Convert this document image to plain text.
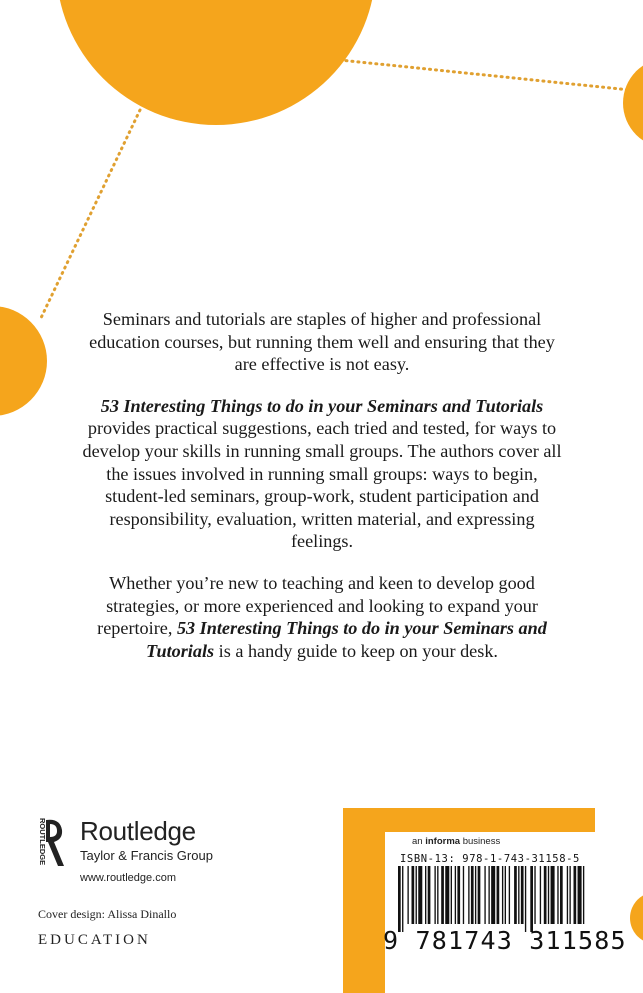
Seminars and tutorials are staples of higher and professional education courses, but running them well and ensuring that they are effective is not easy.

53 Interesting Things to do in your Seminars and Tutorials provides practical suggestions, each tried and tested, for ways to develop your skills in running small groups. The authors cover all the issues involved in running small groups: ways to begin, student-led seminars, group-work, student participation and responsibility, evaluation, written material, and expressing feelings.

Whether you’re new to teaching and keen to develop good strategies, or more experienced and looking to expand your repertoire, 53 Interesting Things to do in your Seminars and Tutorials is a handy guide to keep on your desk.

ROUTLEDGE Routledge
Taylor & Francis Group
www.routledge.com
Cover design: Alissa Dinallo
EDUCATION
an informa business
ISBN-13: 978-1-743-31158-5
9 781743 311585
